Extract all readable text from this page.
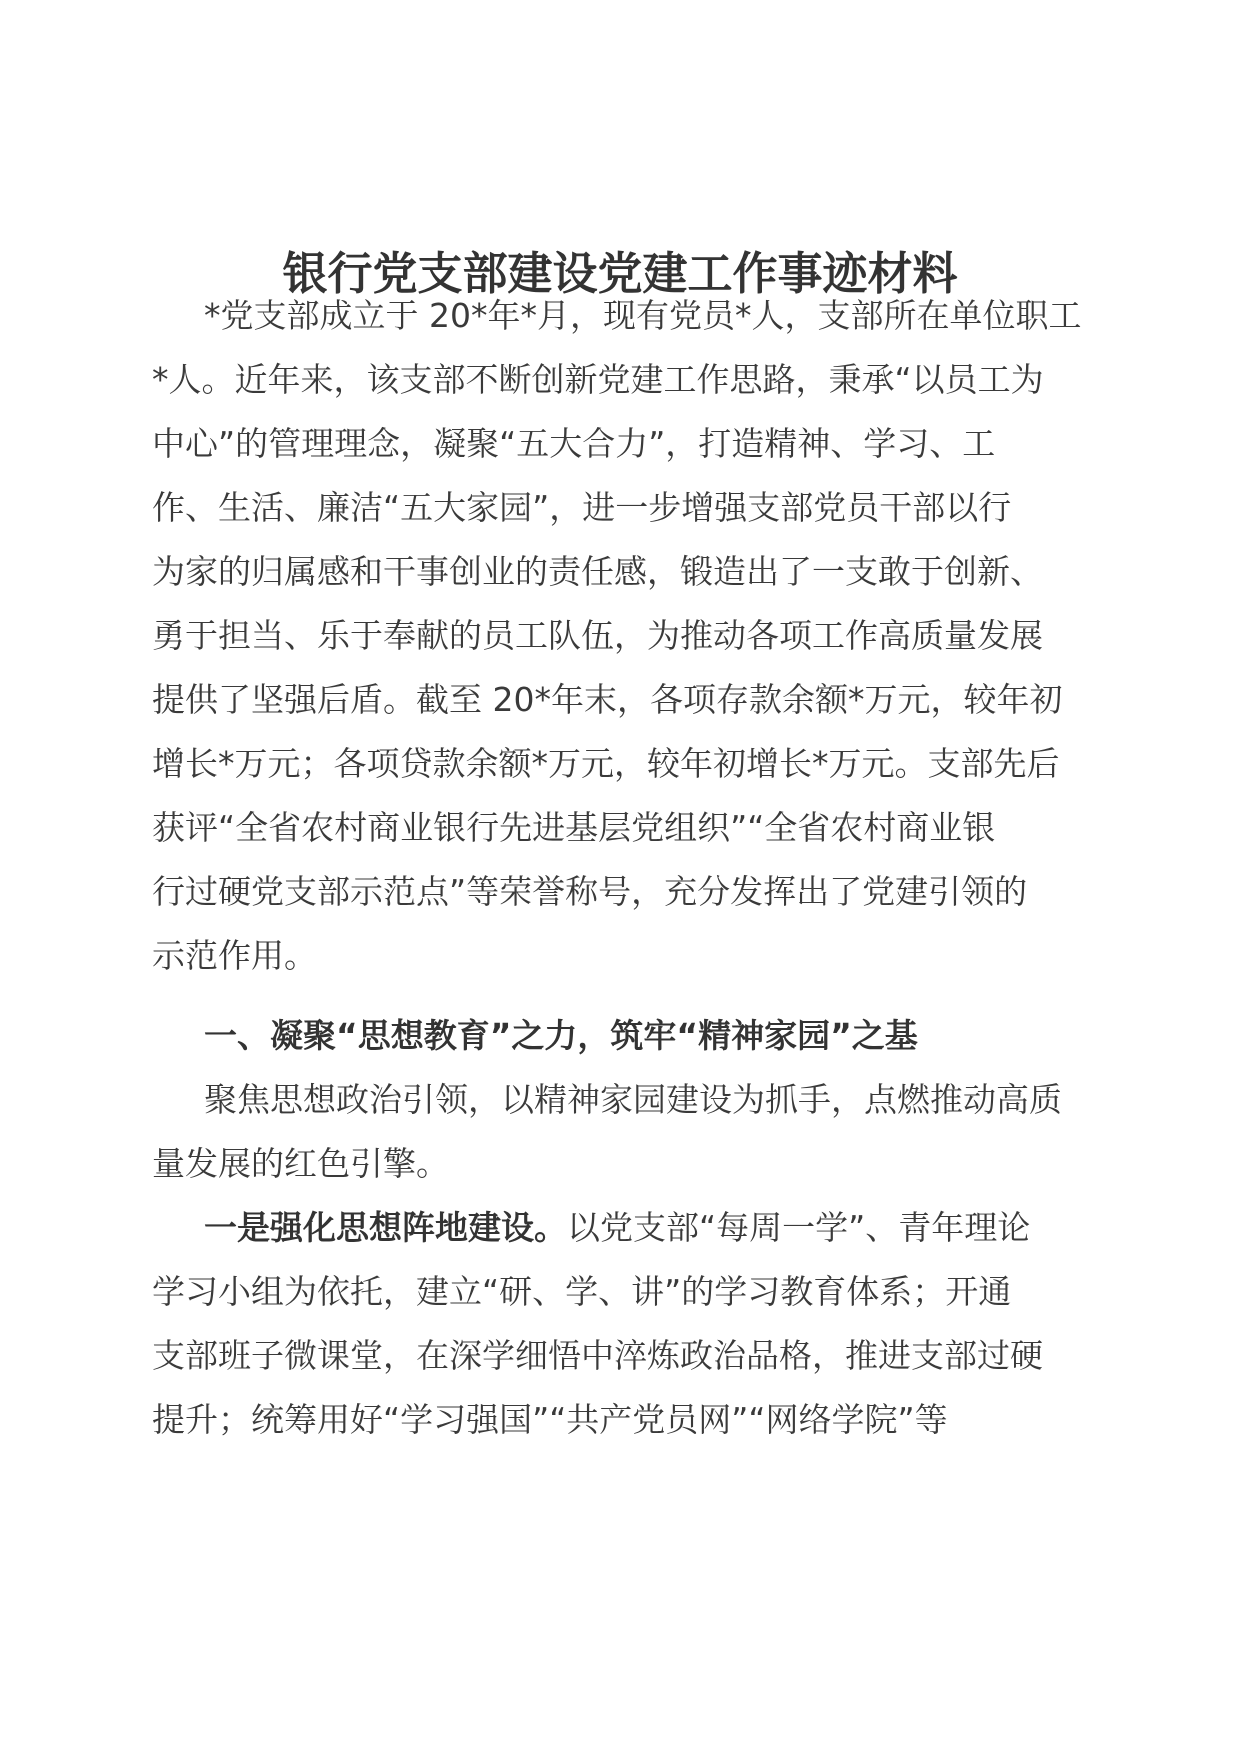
银行党支部建设党建工作事迹材料
*党支部成立于 20*年*月，现有党员*人，支部所在单位职工
*人。近年来，该支部不断创新党建工作思路，秉承“以员工为
中心”的管理理念，凝聚“五大合力”，打造精神、学习、工
作、生活、廉洁“五大家园”，进一步增强支部党员干部以行
为家的归属感和干事创业的责任感，锻造出了一支敢于创新、
勇于担当、乐于奉献的员工队伍，为推动各项工作高质量发展
提供了坚强后盾。截至 20*年末，各项存款余额*万元，较年初
增长*万元；各项贷款余额*万元，较年初增长*万元。支部先后
获评“全省农村商业银行先进基层党组织”“全省农村商业银
行过硬党支部示范点”等荣誉称号，充分发挥出了党建引领的
示范作用。
一、凝聚“思想教育”之力，筑牢“精神家园”之基
聚焦思想政治引领，以精神家园建设为抓手，点燃推动高质
量发展的红色引擎。
一是强化思想阵地建设。以党支部“每周一学”、青年理论
学习小组为依托，建立“研、学、讲”的学习教育体系；开通
支部班子微课堂，在深学细悟中淬炼政治品格，推进支部过硬
提升；统筹用好“学习强国”“共产党员网”“网络学院”等
